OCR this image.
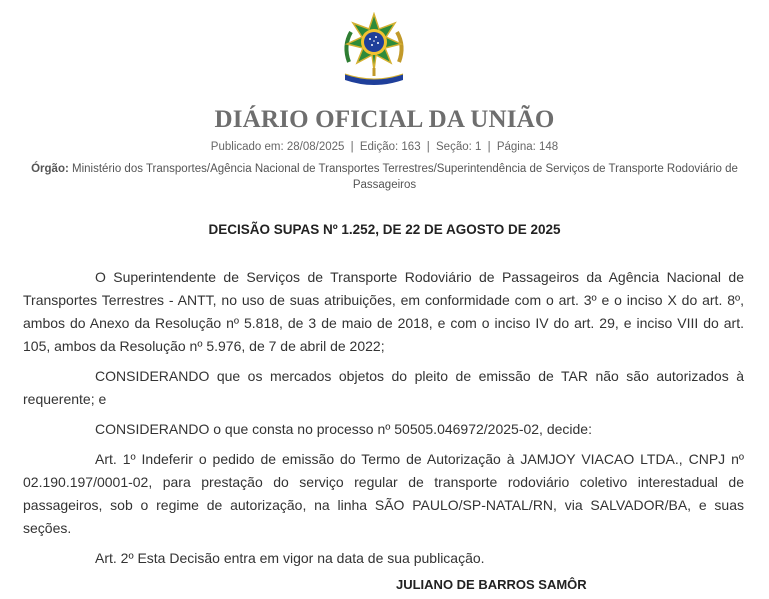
DIÁRIO OFICIAL DA UNIÃO
Publicado em: 28/08/2025 | Edição: 163 | Seção: 1 | Página: 148
Órgão: Ministério dos Transportes/Agência Nacional de Transportes Terrestres/Superintendência de Serviços de Transporte Rodoviário de Passageiros
DECISÃO SUPAS Nº 1.252, DE 22 DE AGOSTO DE 2025

O Superintendente de Serviços de Transporte Rodoviário de Passageiros da Agência Nacional de Transportes Terrestres - ANTT, no uso de suas atribuições, em conformidade com o art. 3º e o inciso X do art. 8º, ambos do Anexo da Resolução nº 5.818, de 3 de maio de 2018, e com o inciso IV do art. 29, e inciso VIII do art. 105, ambos da Resolução nº 5.976, de 7 de abril de 2022;

CONSIDERANDO que os mercados objetos do pleito de emissão de TAR não são autorizados à requerente; e

CONSIDERANDO o que consta no processo nº 50505.046972/2025-02, decide:

Art. 1º Indeferir o pedido de emissão do Termo de Autorização à JAMJOY VIACAO LTDA., CNPJ nº 02.190.197/0001-02, para prestação do serviço regular de transporte rodoviário coletivo interestadual de passageiros, sob o regime de autorização, na linha SÃO PAULO/SP-NATAL/RN, via SALVADOR/BA, e suas seções.

Art. 2º Esta Decisão entra em vigor na data de sua publicação.

JULIANO DE BARROS SAMÔR
